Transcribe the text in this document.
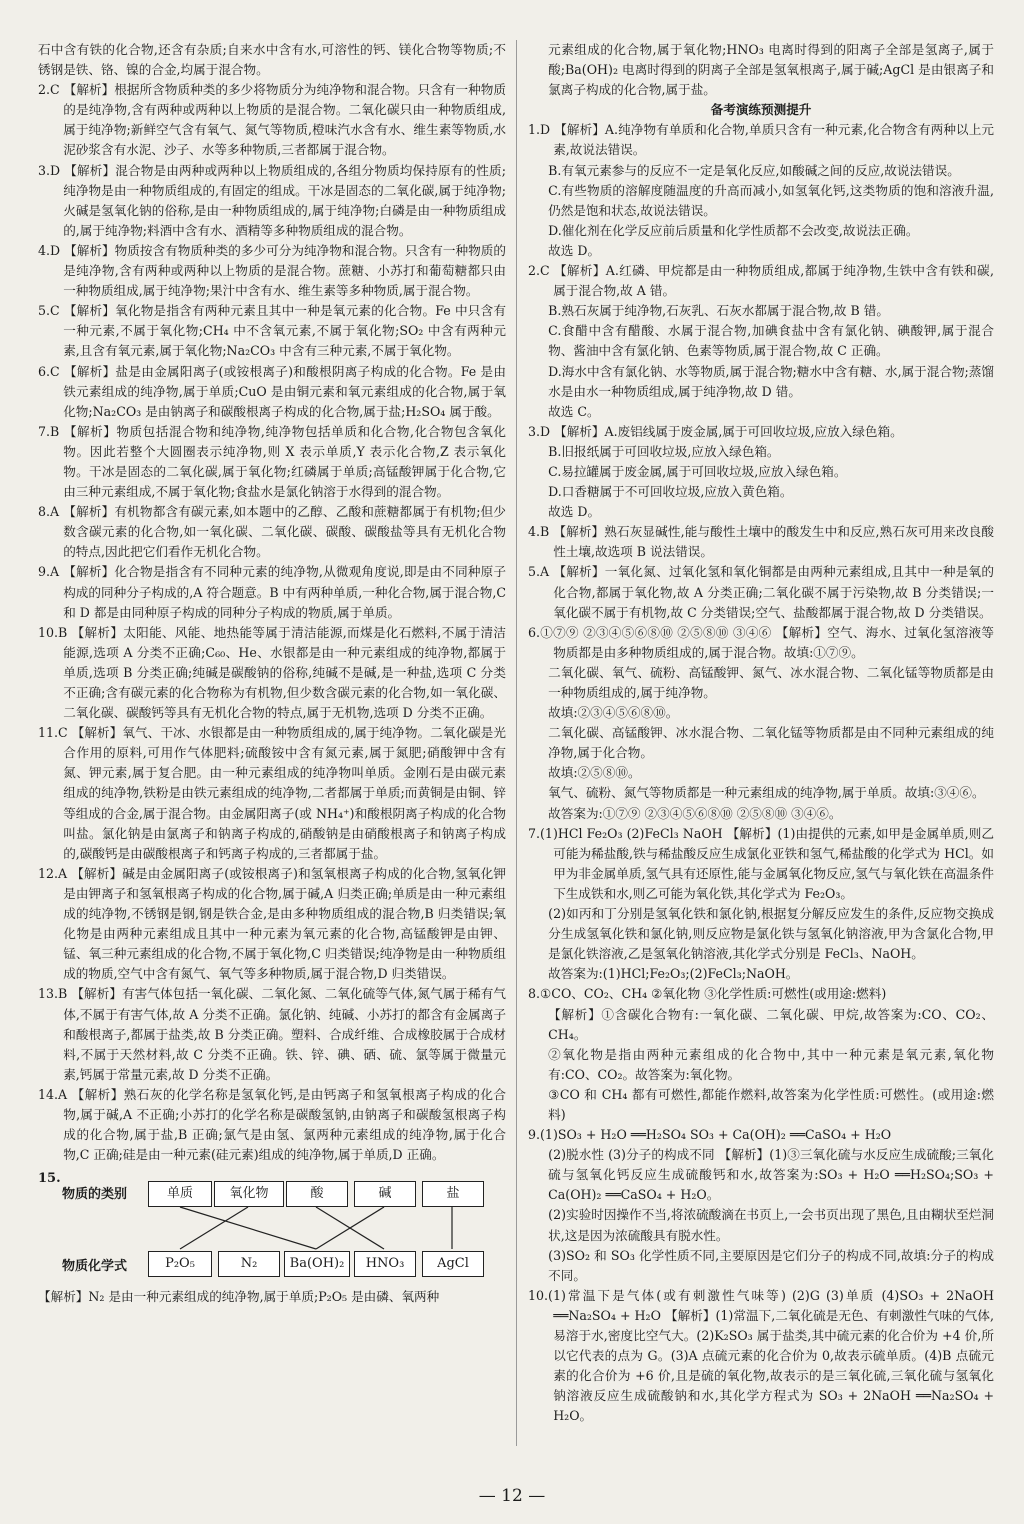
石中含有铁的化合物,还含有杂质;自来水中含有水,可溶性的钙、镁化合物等物质;不锈钢是铁、铬、镍的合金,均属于混合物。

2.C 【解析】根据所含物质种类的多少将物质分为纯净物和混合物。只含有一种物质的是纯净物,含有两种或两种以上物质的是混合物。二氧化碳只由一种物质组成,属于纯净物;新鲜空气含有氧气、氮气等物质,橙味汽水含有水、维生素等物质,水泥砂浆含有水泥、沙子、水等多种物质,三者都属于混合物。

3.D 【解析】混合物是由两种或两种以上物质组成的,各组分物质均保持原有的性质;纯净物是由一种物质组成的,有固定的组成。干冰是固态的二氧化碳,属于纯净物;火碱是氢氧化钠的俗称,是由一种物质组成的,属于纯净物;白磷是由一种物质组成的,属于纯净物;料酒中含有水、酒精等多种物质组成的混合物。

4.D 【解析】物质按含有物质种类的多少可分为纯净物和混合物。只含有一种物质的是纯净物,含有两种或两种以上物质的是混合物。蔗糖、小苏打和葡萄糖都只由一种物质组成,属于纯净物;果汁中含有水、维生素等多种物质,属于混合物。

5.C 【解析】氧化物是指含有两种元素且其中一种是氧元素的化合物。Fe 中只含有一种元素,不属于氧化物;CH₄ 中不含氧元素,不属于氧化物;SO₂ 中含有两种元素,且含有氧元素,属于氧化物;Na₂CO₃ 中含有三种元素,不属于氧化物。

6.C 【解析】盐是由金属阳离子(或铵根离子)和酸根阴离子构成的化合物。Fe 是由铁元素组成的纯净物,属于单质;CuO 是由铜元素和氧元素组成的化合物,属于氧化物;Na₂CO₃ 是由钠离子和碳酸根离子构成的化合物,属于盐;H₂SO₄ 属于酸。

7.B 【解析】物质包括混合物和纯净物,纯净物包括单质和化合物,化合物包含氧化物。因此若整个大圆圈表示纯净物,则 X 表示单质,Y 表示化合物,Z 表示氧化物。干冰是固态的二氧化碳,属于氧化物;红磷属于单质;高锰酸钾属于化合物,它由三种元素组成,不属于氧化物;食盐水是氯化钠溶于水得到的混合物。

8.A 【解析】有机物都含有碳元素,如本题中的乙醇、乙酸和蔗糖都属于有机物;但少数含碳元素的化合物,如一氧化碳、二氧化碳、碳酸、碳酸盐等具有无机化合物的特点,因此把它们看作无机化合物。

9.A 【解析】化合物是指含有不同种元素的纯净物,从微观角度说,即是由不同种原子构成的同种分子构成的,A 符合题意。B 中有两种单质,一种化合物,属于混合物,C 和 D 都是由同种原子构成的同种分子构成的物质,属于单质。

10.B 【解析】太阳能、风能、地热能等属于清洁能源,而煤是化石燃料,不属于清洁能源,选项 A 分类不正确;C₆₀、He、水银都是由一种元素组成的纯净物,都属于单质,选项 B 分类正确;纯碱是碳酸钠的俗称,纯碱不是碱,是一种盐,选项 C 分类不正确;含有碳元素的化合物称为有机物,但少数含碳元素的化合物,如一氧化碳、二氧化碳、碳酸钙等具有无机化合物的特点,属于无机物,选项 D 分类不正确。

11.C 【解析】氧气、干冰、水银都是由一种物质组成的,属于纯净物。二氧化碳是光合作用的原料,可用作气体肥料;硫酸铵中含有氮元素,属于氮肥;硝酸钾中含有氮、钾元素,属于复合肥。由一种元素组成的纯净物叫单质。金刚石是由碳元素组成的纯净物,铁粉是由铁元素组成的纯净物,二者都属于单质;而黄铜是由铜、锌等组成的合金,属于混合物。由金属阳离子(或 NH₄⁺)和酸根阴离子构成的化合物叫盐。氯化钠是由氯离子和钠离子构成的,硝酸钠是由硝酸根离子和钠离子构成的,碳酸钙是由碳酸根离子和钙离子构成的,三者都属于盐。

12.A 【解析】碱是由金属阳离子(或铵根离子)和氢氧根离子构成的化合物,氢氧化钾是由钾离子和氢氧根离子构成的化合物,属于碱,A 归类正确;单质是由一种元素组成的纯净物,不锈钢是钢,钢是铁合金,是由多种物质组成的混合物,B 归类错误;氧化物是由两种元素组成且其中一种元素为氧元素的化合物,高锰酸钾是由钾、锰、氧三种元素组成的化合物,不属于氧化物,C 归类错误;纯净物是由一种物质组成的物质,空气中含有氮气、氧气等多种物质,属于混合物,D 归类错误。

13.B 【解析】有害气体包括一氧化碳、二氧化氮、二氧化硫等气体,氮气属于稀有气体,不属于有害气体,故 A 分类不正确。氯化钠、纯碱、小苏打的都含有金属离子和酸根离子,都属于盐类,故 B 分类正确。塑料、合成纤维、合成橡胶属于合成材料,不属于天然材料,故 C 分类不正确。铁、锌、碘、硒、硫、氯等属于微量元素,钙属于常量元素,故 D 分类不正确。

14.A 【解析】熟石灰的化学名称是氢氧化钙,是由钙离子和氢氧根离子构成的化合物,属于碱,A 不正确;小苏打的化学名称是碳酸氢钠,由钠离子和碳酸氢根离子构成的化合物,属于盐,B 正确;氯气是由氢、氯两种元素组成的纯净物,属于化合物,C 正确;硅是由一种元素(硅元素)组成的纯净物,属于单质,D 正确。

15.
物质的类别
物质化学式
单质	氧化物	酸	碱	盐
P₂O₅	N₂	Ba(OH)₂	HNO₃	AgCl

【解析】N₂ 是由一种元素组成的纯净物,属于单质;P₂O₅ 是由磷、氧两种

元素组成的化合物,属于氧化物;HNO₃ 电离时得到的阳离子全部是氢离子,属于酸;Ba(OH)₂ 电离时得到的阴离子全部是氢氧根离子,属于碱;AgCl 是由银离子和氯离子构成的化合物,属于盐。

备考演练预测提升

1.D 【解析】A.纯净物有单质和化合物,单质只含有一种元素,化合物含有两种以上元素,故说法错误。

B.有氧元素参与的反应不一定是氧化反应,如酸碱之间的反应,故说法错误。

C.有些物质的溶解度随温度的升高而减小,如氢氧化钙,这类物质的饱和溶液升温,仍然是饱和状态,故说法错误。

D.催化剂在化学反应前后质量和化学性质都不会改变,故说法正确。

故选 D。

2.C 【解析】A.红磷、甲烷都是由一种物质组成,都属于纯净物,生铁中含有铁和碳,属于混合物,故 A 错。

B.熟石灰属于纯净物,石灰乳、石灰水都属于混合物,故 B 错。

C.食醋中含有醋酸、水属于混合物,加碘食盐中含有氯化钠、碘酸钾,属于混合物、酱油中含有氯化钠、色素等物质,属于混合物,故 C 正确。

D.海水中含有氯化钠、水等物质,属于混合物;糖水中含有糖、水,属于混合物;蒸馏水是由水一种物质组成,属于纯净物,故 D 错。

故选 C。

3.D 【解析】A.废铝线属于废金属,属于可回收垃圾,应放入绿色箱。

B.旧报纸属于可回收垃圾,应放入绿色箱。

C.易拉罐属于废金属,属于可回收垃圾,应放入绿色箱。

D.口香糖属于不可回收垃圾,应放入黄色箱。

故选 D。

4.B 【解析】熟石灰显碱性,能与酸性土壤中的酸发生中和反应,熟石灰可用来改良酸性土壤,故选项 B 说法错误。

5.A 【解析】一氧化氮、过氧化氢和氧化铜都是由两种元素组成,且其中一种是氧的化合物,都属于氧化物,故 A 分类正确;二氧化碳不属于污染物,故 B 分类错误;一氧化碳不属于有机物,故 C 分类错误;空气、盐酸都属于混合物,故 D 分类错误。

6.①⑦⑨ ②③④⑤⑥⑧⑩ ②⑤⑧⑩ ③④⑥ 【解析】空气、海水、过氧化氢溶液等物质都是由多种物质组成的,属于混合物。故填:①⑦⑨。

二氧化碳、氧气、硫粉、高锰酸钾、氮气、冰水混合物、二氧化锰等物质都是由一种物质组成的,属于纯净物。

故填:②③④⑤⑥⑧⑩。

二氧化碳、高锰酸钾、冰水混合物、二氧化锰等物质都是由不同种元素组成的纯净物,属于化合物。

故填:②⑤⑧⑩。

氧气、硫粉、氮气等物质都是一种元素组成的纯净物,属于单质。故填:③④⑥。

故答案为:①⑦⑨ ②③④⑤⑥⑧⑩ ②⑤⑧⑩ ③④⑥。

7.(1)HCl Fe₂O₃ (2)FeCl₃ NaOH 【解析】(1)由提供的元素,如甲是金属单质,则乙可能为稀盐酸,铁与稀盐酸反应生成氯化亚铁和氢气,稀盐酸的化学式为 HCl。如甲为非金属单质,氢气具有还原性,能与金属氧化物反应,氢气与氧化铁在高温条件下生成铁和水,则乙可能为氧化铁,其化学式为 Fe₂O₃。

(2)如丙和丁分别是氢氧化铁和氯化钠,根据复分解反应发生的条件,反应物交换成分生成氢氧化铁和氯化钠,则反应物是氯化铁与氢氧化钠溶液,甲为含氯化合物,甲是氯化铁溶液,乙是氢氧化钠溶液,其化学式分别是 FeCl₃、NaOH。

故答案为:(1)HCl;Fe₂O₃;(2)FeCl₃;NaOH。

8.①CO、CO₂、CH₄ ②氧化物 ③化学性质:可燃性(或用途:燃料)

【解析】①含碳化合物有:一氧化碳、二氧化碳、甲烷,故答案为:CO、CO₂、CH₄。

②氧化物是指由两种元素组成的化合物中,其中一种元素是氧元素,氧化物有:CO、CO₂。故答案为:氧化物。

③CO 和 CH₄ 都有可燃性,都能作燃料,故答案为化学性质:可燃性。(或用途:燃料)

9.(1)SO₃ + H₂O ══H₂SO₄ SO₃ + Ca(OH)₂ ══CaSO₄ + H₂O

(2)脱水性 (3)分子的构成不同 【解析】(1)③三氧化硫与水反应生成硫酸;三氧化硫与氢氧化钙反应生成硫酸钙和水,故答案为:SO₃ + H₂O ══H₂SO₄;SO₃ + Ca(OH)₂ ══CaSO₄ + H₂O。

(2)实验时因操作不当,将浓硫酸滴在书页上,一会书页出现了黑色,且由糊状至烂洞状,这是因为浓硫酸具有脱水性。

(3)SO₂ 和 SO₃ 化学性质不同,主要原因是它们分子的构成不同,故填:分子的构成不同。

10.(1)常温下是气体(或有刺激性气味等) (2)G (3)单质 (4)SO₃ + 2NaOH ══Na₂SO₄ + H₂O 【解析】(1)常温下,二氧化硫是无色、有刺激性气味的气体,易溶于水,密度比空气大。(2)K₂SO₃ 属于盐类,其中硫元素的化合价为 +4 价,所以它代表的点为 G。(3)A 点硫元素的化合价为 0,故表示硫单质。(4)B 点硫元素的化合价为 +6 价,且是硫的氧化物,故表示的是三氧化硫,三氧化硫与氢氧化钠溶液反应生成硫酸钠和水,其化学方程式为 SO₃ + 2NaOH ══Na₂SO₄ + H₂O。

— 12 —
